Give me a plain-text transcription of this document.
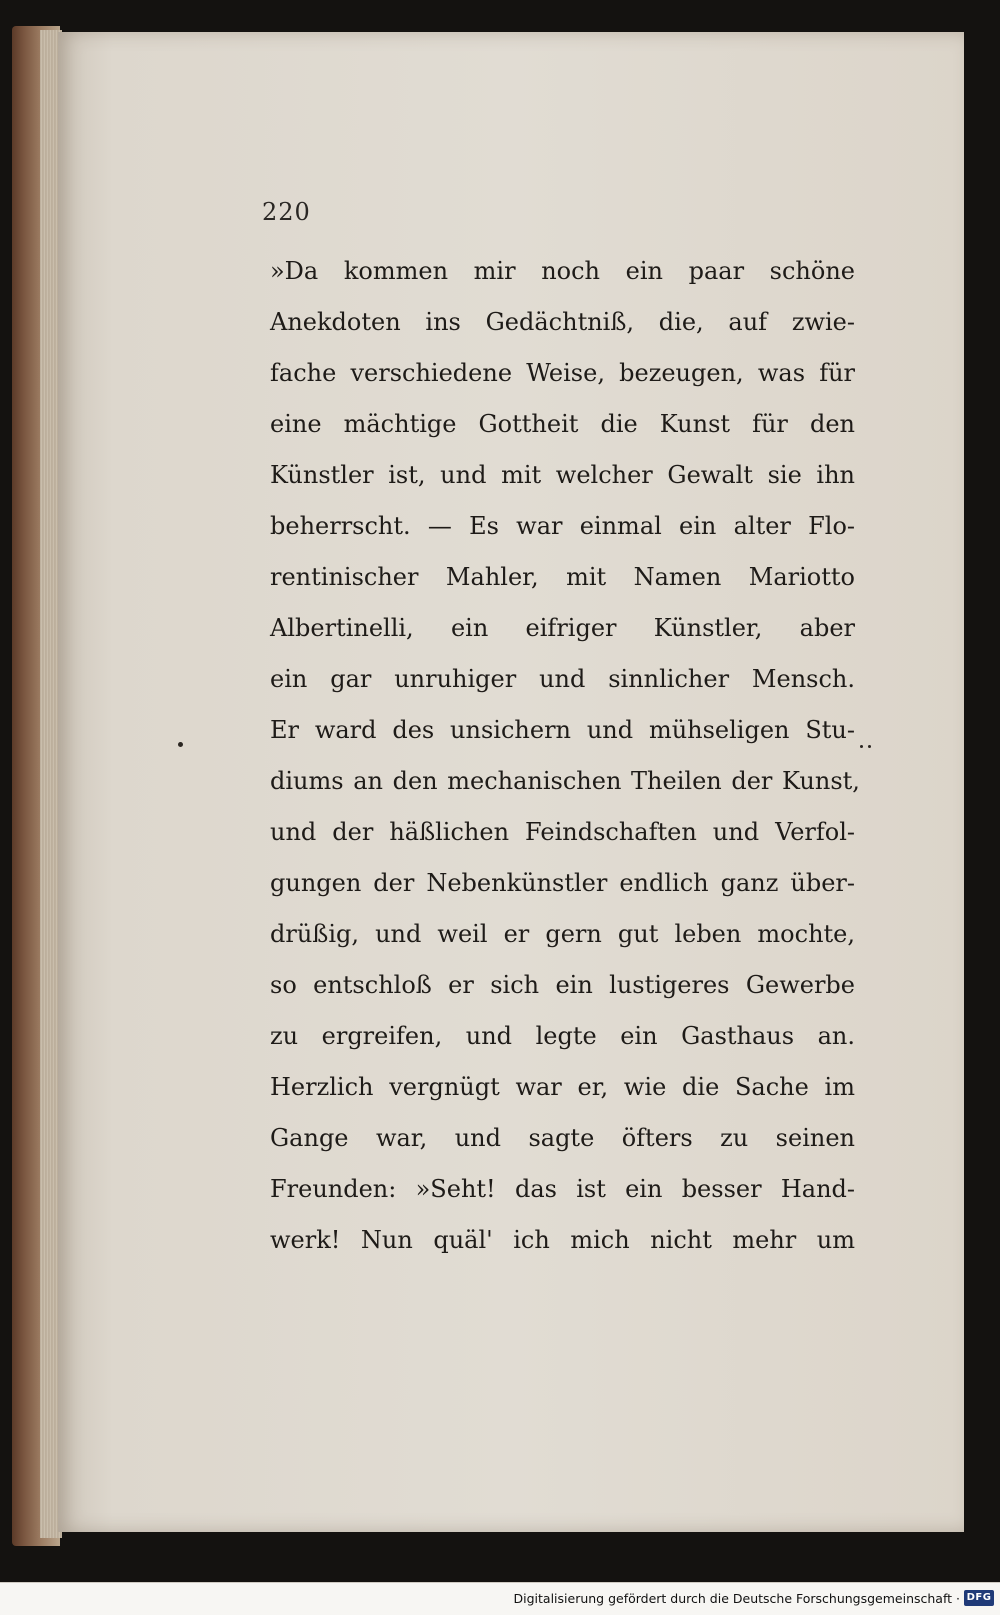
220

»Da kommen mir noch ein paar schöne
Anekdoten ins Gedächtniß, die, auf zwie-
fache verschiedene Weise, bezeugen, was für
eine mächtige Gottheit die Kunst für den
Künstler ist, und mit welcher Gewalt sie ihn
beherrscht. — Es war einmal ein alter Flo-
rentinischer Mahler, mit Namen Mariotto
Albertinelli, ein eifriger Künstler, aber
ein gar unruhiger und sinnlicher Mensch.
Er ward des unsichern und mühseligen Stu-
diums an den mechanischen Theilen der Kunst,
und der häßlichen Feindschaften und Verfol-
gungen der Nebenkünstler endlich ganz über-
drüßig, und weil er gern gut leben mochte,
so entschloß er sich ein lustigeres Gewerbe
zu ergreifen, und legte ein Gasthaus an.
Herzlich vergnügt war er, wie die Sache im
Gange war, und sagte öfters zu seinen
Freunden: »Seht! das ist ein besser Hand-
werk! Nun quäl' ich mich nicht mehr um

Digitalisierung gefördert durch die Deutsche Forschungsgemeinschaft · DFG
